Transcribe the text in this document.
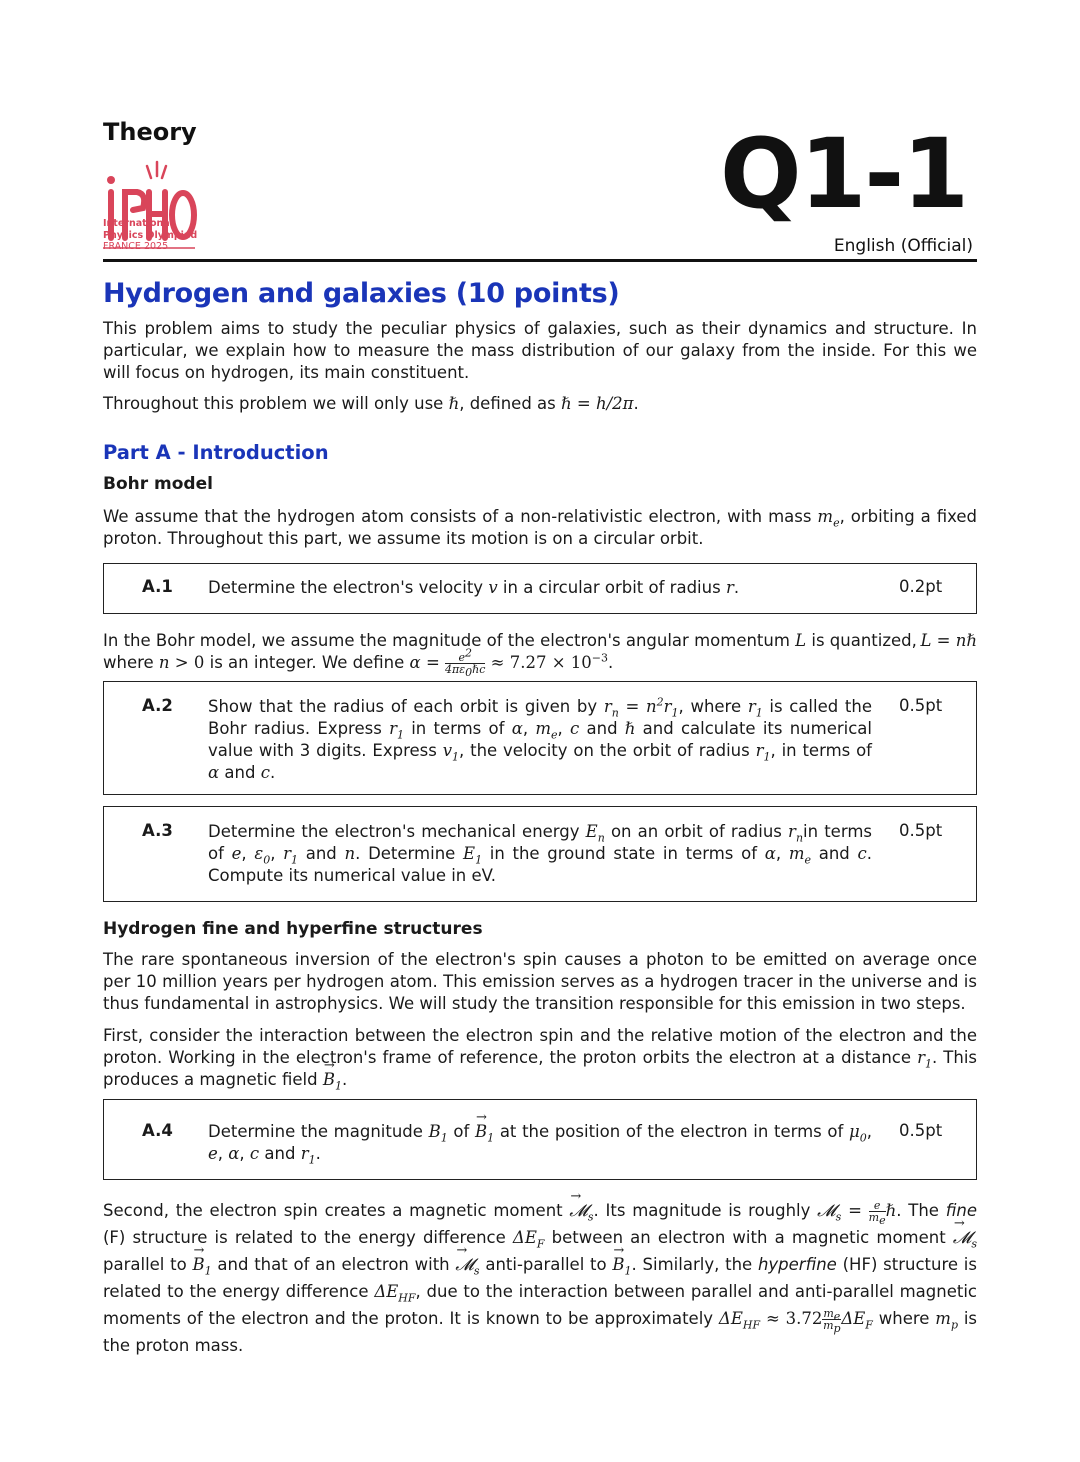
Theory
International
Physics Olympiad
FRANCE 2025
Q1-1
English (Official)
Hydrogen and galaxies (10 points)

This problem aims to study the peculiar physics of galaxies, such as their dynamics and structure. In particular, we explain how to measure the mass distribution of our galaxy from the inside. For this we will focus on hydrogen, its main constituent.

Throughout this problem we will only use ℏ, defined as ℏ = h/2π.

Part A - Introduction
Bohr model

We assume that the hydrogen atom consists of a non-relativistic electron, with mass $m_e$, orbiting a fixed proton. Throughout this part, we assume its motion is on a circular orbit.

A.1 Determine the electron's velocity v in a circular orbit of radius r.	0.2pt

In the Bohr model, we assume the magnitude of the electron's angular momentum L is quantized, L = nℏ

where n > 0 is an integer. We define $\alpha = \frac{e^2}{4\pi\varepsilon_0\hbar c} \approx 7.27 \times 10^{-3}$.

A.2 Show that the radius of each orbit is given by $r_n = n^2r_1$, where $r_1$ is called the Bohr radius. Express $r_1$ in terms of α, $m_e$, c and ℏ and calculate its numerical value with 3 digits. Express $v_1$, the velocity on the orbit of radius $r_1$, in terms of α and c.
0.5pt
A.3 Determine the electron's mechanical energy $E_n$ on an orbit of radius $r_nin$ terms of e, $\varepsilon_0$, $r_1$ and n. Determine $E_1$ in the ground state in terms of α, $m_e$ and c. Compute its numerical value in eV.
0.5pt
Hydrogen fine and hyperfine structures

The rare spontaneous inversion of the electron's spin causes a photon to be emitted on average once per 10 million years per hydrogen atom. This emission serves as a hydrogen tracer in the universe and is thus fundamental in astrophysics. We will study the transition responsible for this emission in two steps.

First, consider the interaction between the electron spin and the relative motion of the electron and the proton. Working in the electron's frame of reference, the proton orbits the electron at a distance $r_1$. This produces a magnetic field → $B_1$.

A.4 Determine the magnitude $B_1$ of → $B_1$ at the position of the electron in terms of $\mu_0$, e, α, c and $r_1$.
0.5pt

Second, the electron spin creates a magnetic moment → 𝓜$_s$. Its magnitude is roughly 𝓜$_s$ = $\frac{e}{m_e}$ ℏ. The fine (F) structure is related to the energy difference $\Delta E_F$ between an electron with a magnetic moment → 𝓜$_s$ parallel to → $B_1$ and that of an electron with → 𝓜$_s$ anti-parallel to → $B_1$. Similarly, the hyperfine (HF) structure is related to the energy difference $\Delta E_{HF}$, due to the interaction between parallel and anti-parallel magnetic moments of the electron and the proton. It is known to be approximately $\Delta E_{HF} \approx 3.72 \frac{m_e}{m_p} \Delta E_F$ where $m_p$ is the proton mass.
